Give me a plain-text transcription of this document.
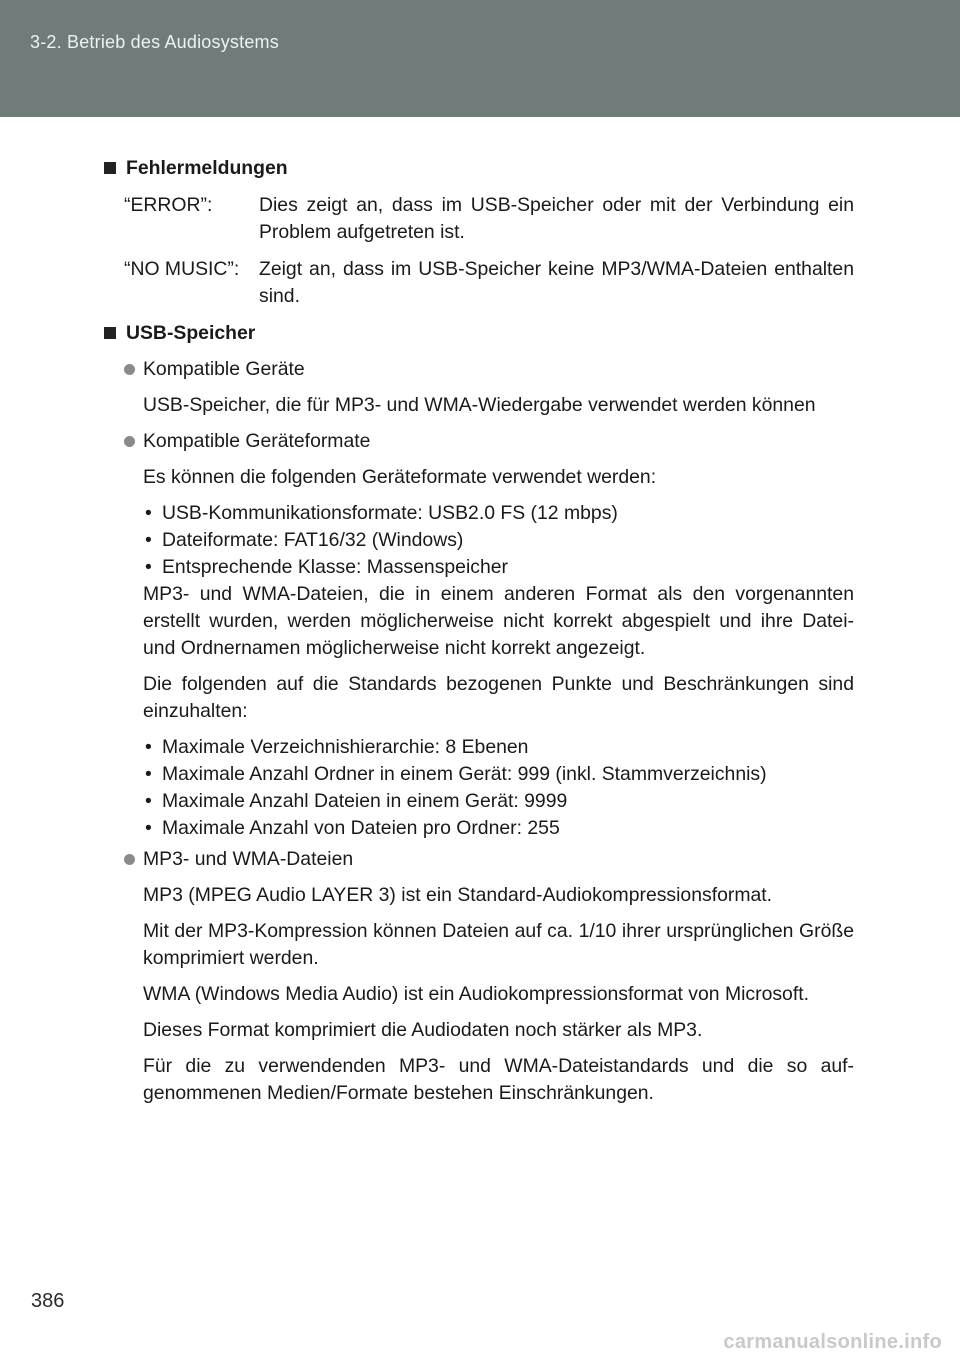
3-2. Betrieb des Audiosystems
Fehlermeldungen
“ERROR”:	Dies zeigt an, dass im USB-Speicher oder mit der Verbindung ein Problem aufgetreten ist.
“NO MUSIC”:	Zeigt an, dass im USB-Speicher keine MP3/WMA-Dateien enthalten sind.
USB-Speicher
Kompatible Geräte
USB-Speicher, die für MP3- und WMA-Wiedergabe verwendet werden können
Kompatible Geräteformate
Es können die folgenden Geräteformate verwendet werden:
• USB-Kommunikationsformate: USB2.0 FS (12 mbps)
• Dateiformate: FAT16/32 (Windows)
• Entsprechende Klasse: Massenspeicher
MP3- und WMA-Dateien, die in einem anderen Format als den vorgenannten erstellt wurden, werden möglicherweise nicht korrekt abgespielt und ihre Datei- und Ordnernamen möglicherweise nicht korrekt angezeigt.
Die folgenden auf die Standards bezogenen Punkte und Beschränkungen sind einzuhalten:
• Maximale Verzeichnishierarchie: 8 Ebenen
• Maximale Anzahl Ordner in einem Gerät: 999 (inkl. Stammverzeichnis)
• Maximale Anzahl Dateien in einem Gerät: 9999
• Maximale Anzahl von Dateien pro Ordner: 255
MP3- und WMA-Dateien
MP3 (MPEG Audio LAYER 3) ist ein Standard-Audiokompressionsformat.
Mit der MP3-Kompression können Dateien auf ca. 1/10 ihrer ursprünglichen Größe komprimiert werden.
WMA (Windows Media Audio) ist ein Audiokompressionsformat von Microsoft.
Dieses Format komprimiert die Audiodaten noch stärker als MP3.
Für die zu verwendenden MP3- und WMA-Dateistandards und die so aufgenommenen Medien/Formate bestehen Einschränkungen.
386
carmanualsonline.info
